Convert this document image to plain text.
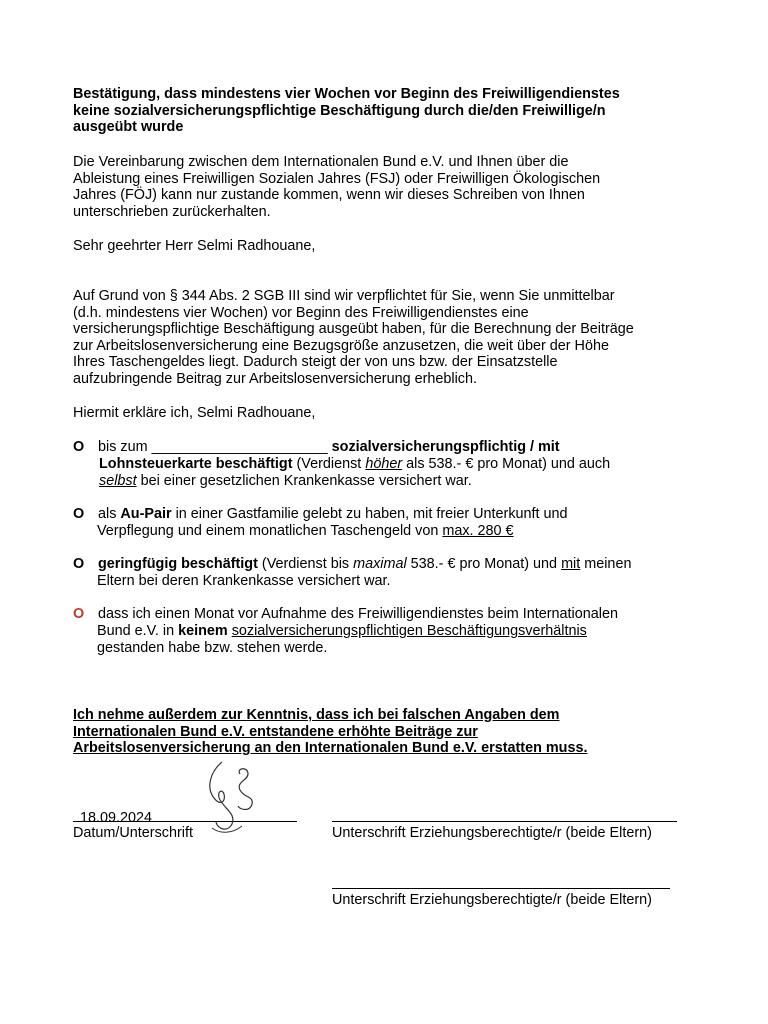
Bestätigung, dass mindestens vier Wochen vor Beginn des Freiwilligendienstes
keine sozialversicherungspflichtige Beschäftigung durch die/den Freiwillige/n
ausgeübt wurde
Die Vereinbarung zwischen dem Internationalen Bund e.V. und Ihnen über die
Ableistung eines Freiwilligen Sozialen Jahres (FSJ) oder Freiwilligen Ökologischen
Jahres (FÖJ) kann nur zustande kommen, wenn wir dieses Schreiben von Ihnen
unterschrieben zurückerhalten.
Sehr geehrter Herr Selmi Radhouane,
Auf Grund von § 344 Abs. 2 SGB III sind wir verpflichtet für Sie, wenn Sie unmittelbar
(d.h. mindestens vier Wochen) vor Beginn des Freiwilligendienstes eine
versicherungspflichtige Beschäftigung ausgeübt haben, für die Berechnung der Beiträge
zur Arbeitslosenversicherung eine Bezugsgröße anzusetzen, die weit über der Höhe
Ihres Taschengeldes liegt. Dadurch steigt der von uns bzw. der Einsatzstelle
aufzubringende Beitrag zur Arbeitslosenversicherung erheblich.
Hiermit erkläre ich, Selmi Radhouane,
O bis zum ______________________ sozialversicherungspflichtig / mit
Lohnsteuerkarte beschäftigt (Verdienst höher als 538.- € pro Monat) und auch
selbst bei einer gesetzlichen Krankenkasse versichert war.
O als Au-Pair in einer Gastfamilie gelebt zu haben, mit freier Unterkunft und
Verpflegung und einem monatlichen Taschengeld von max. 280 €
O geringfügig beschäftigt (Verdienst bis maximal 538.- € pro Monat) und mit meinen
Eltern bei deren Krankenkasse versichert war.
O dass ich einen Monat vor Aufnahme des Freiwilligendienstes beim Internationalen
Bund e.V. in keinem sozialversicherungspflichtigen Beschäftigungsverhältnis
gestanden habe bzw. stehen werde.
Ich nehme außerdem zur Kenntnis, dass ich bei falschen Angaben dem
Internationalen Bund e.V. entstandene erhöhte Beiträge zur
Arbeitslosenversicherung an den Internationalen Bund e.V. erstatten muss.
18.09.2024
Datum/Unterschrift	Unterschrift Erziehungsberechtigte/r (beide Eltern)
Unterschrift Erziehungsberechtigte/r (beide Eltern)
